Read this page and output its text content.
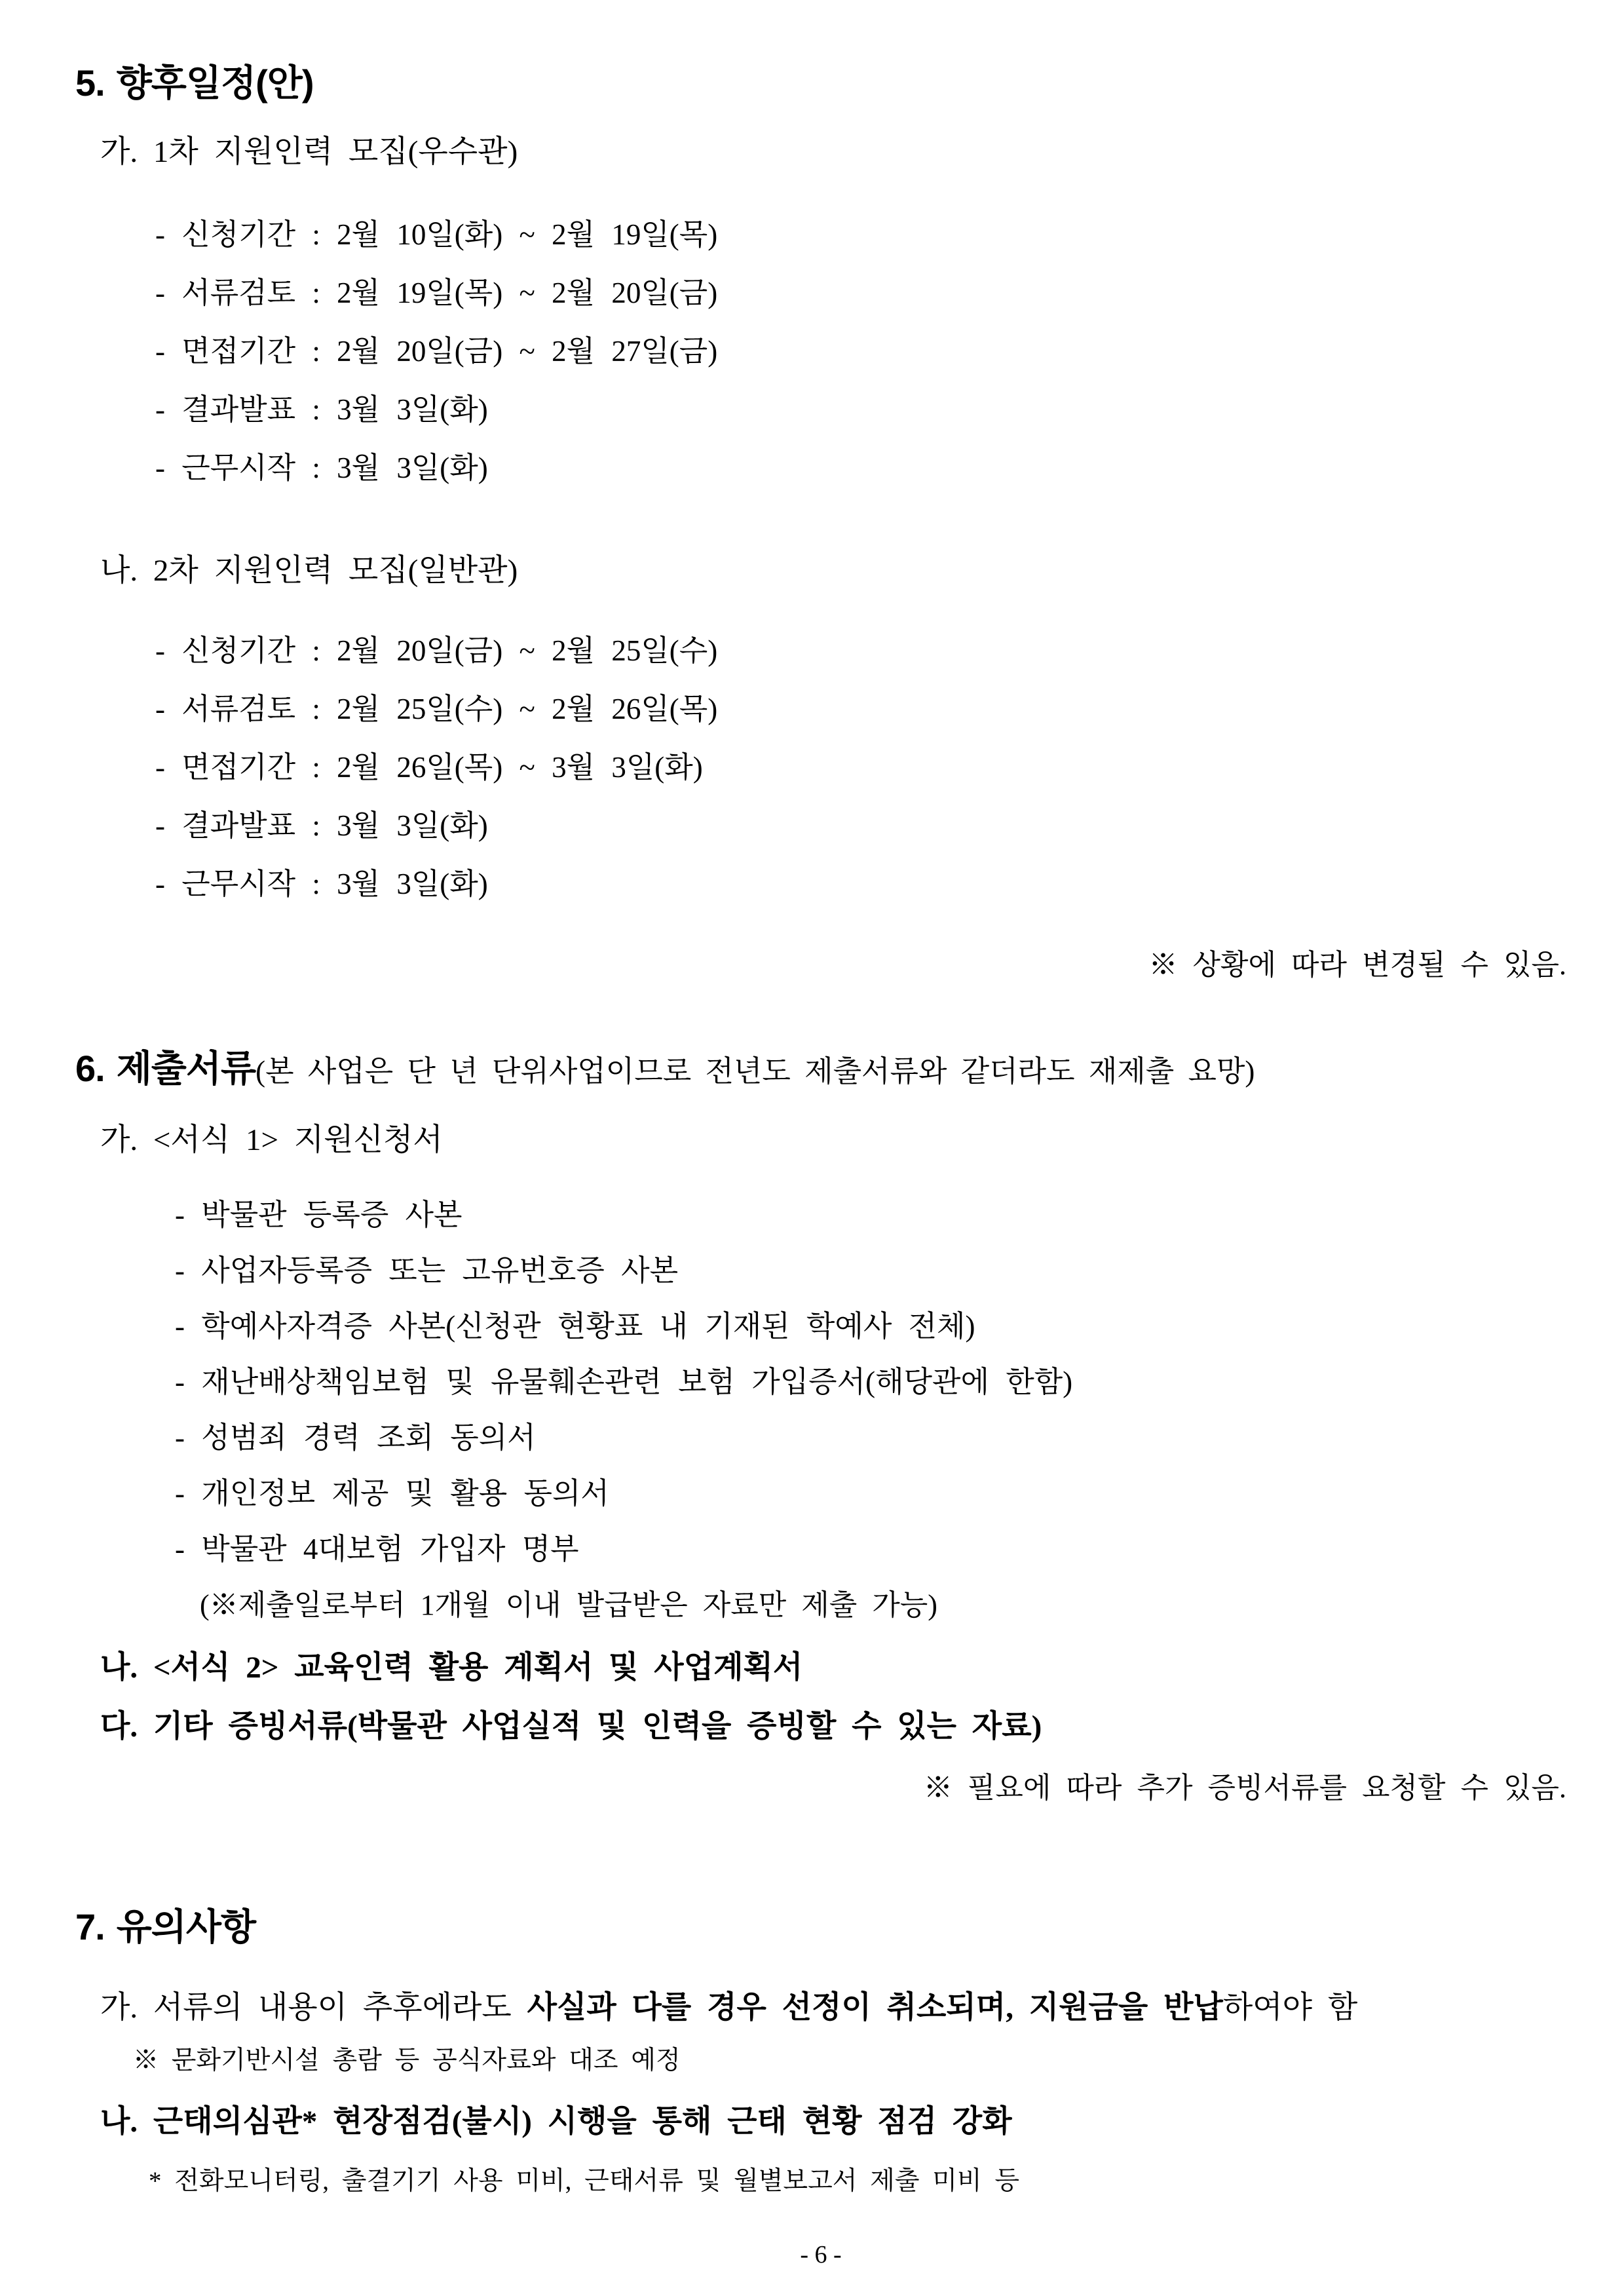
5. 향후일정(안)
가. 1차 지원인력 모집(우수관)
- 신청기간 : 2월 10일(화) ~ 2월 19일(목)
- 서류검토 : 2월 19일(목) ~ 2월 20일(금)
- 면접기간 : 2월 20일(금) ~ 2월 27일(금)
- 결과발표 : 3월 3일(화)
- 근무시작 : 3월 3일(화)
나. 2차 지원인력 모집(일반관)
- 신청기간 : 2월 20일(금) ~ 2월 25일(수)
- 서류검토 : 2월 25일(수) ~ 2월 26일(목)
- 면접기간 : 2월 26일(목) ~ 3월 3일(화)
- 결과발표 : 3월 3일(화)
- 근무시작 : 3월 3일(화)
※ 상황에 따라 변경될 수 있음.
6. 제출서류(본 사업은 단 년 단위사업이므로 전년도 제출서류와 같더라도 재제출 요망)
가. <서식 1> 지원신청서
- 박물관 등록증 사본
- 사업자등록증 또는 고유번호증 사본
- 학예사자격증 사본(신청관 현황표 내 기재된 학예사 전체)
- 재난배상책임보험 및 유물훼손관련 보험 가입증서(해당관에 한함)
- 성범죄 경력 조회 동의서
- 개인정보 제공 및 활용 동의서
- 박물관 4대보험 가입자 명부
(※제출일로부터 1개월 이내 발급받은 자료만 제출 가능)
나. <서식 2> 교육인력 활용 계획서 및 사업계획서
다. 기타 증빙서류(박물관 사업실적 및 인력을 증빙할 수 있는 자료)
※ 필요에 따라 추가 증빙서류를 요청할 수 있음.
7. 유의사항
가. 서류의 내용이 추후에라도 사실과 다를 경우 선정이 취소되며, 지원금을 반납하여야 함
※ 문화기반시설 총람 등 공식자료와 대조 예정
나. 근태의심관* 현장점검(불시) 시행을 통해 근태 현황 점검 강화
* 전화모니터링, 출결기기 사용 미비, 근태서류 및 월별보고서 제출 미비 등
- 6 -
